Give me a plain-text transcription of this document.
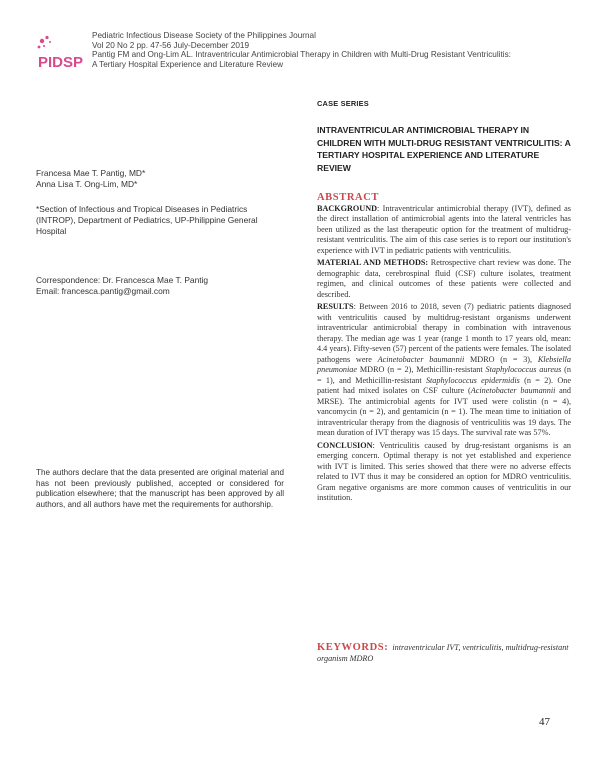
PIDSP
Pediatric Infectious Disease Society of the Philippines Journal
Vol 20 No 2 pp. 47-56 July-December 2019
Pantig FM and Ong-Lim AL. Intraventricular Antimicrobial Therapy in Children with Multi-Drug Resistant Ventriculitis:
A Tertiary Hospital Experience and Literature Review
CASE SERIES
INTRAVENTRICULAR ANTIMICROBIAL THERAPY IN CHILDREN WITH MULTI-DRUG RESISTANT VENTRICULITIS: A TERTIARY HOSPITAL EXPERIENCE AND LITERATURE REVIEW
Francesa Mae T. Pantig, MD*
Anna Lisa T. Ong-Lim, MD*
*Section of Infectious and Tropical Diseases in Pediatrics (INTROP), Department of Pediatrics, UP-Philippine General Hospital
Correspondence: Dr. Francesca Mae T. Pantig
Email: francesca.pantig@gmail.com
The authors declare that the data presented are original material and has not been previously published, accepted or considered for publication elsewhere; that the manuscript has been approved by all authors, and all authors have met the requirements for authorship.
ABSTRACT

BACKGROUND: Intraventricular antimicrobial therapy (IVT), defined as the direct installation of antimicrobial agents into the lateral ventricles has been utilized as the last therapeutic option for the treatment of multidrug-resistant ventriculitis. The aim of this case series is to report our institution's experience with IVT in pediatric patients with ventriculitis.

MATERIAL AND METHODS: Retrospective chart review was done. The demographic data, cerebrospinal fluid (CSF) culture isolates, treatment regimen, and clinical outcomes of these patients were collected and described.

RESULTS: Between 2016 to 2018, seven (7) pediatric patients diagnosed with ventriculitis caused by multidrug-resistant organisms underwent intraventricular antimicrobial therapy in combination with intravenous therapy. The median age was 1 year (range 1 month to 17 years old, mean: 4.4 years). Fifty-seven (57) percent of the patients were females. The isolated pathogens were Acinetobacter baumannii MDRO (n = 3), Klebsiella pneumoniae MDRO (n = 2), Methicillin-resistant Staphylococcus aureus (n = 1), and Methicillin-resistant Staphylococcus epidermidis (n = 2). One patient had mixed isolates on CSF culture (Acinetobacter baumannii and MRSE). The antimicrobial agents for IVT used were colistin (n = 4), vancomycin (n = 2), and gentamicin (n = 1). The mean time to initiation of intraventricular therapy from the diagnosis of ventriculitis was 19 days. The mean duration of IVT therapy was 15 days. The survival rate was 57%.

CONCLUSION: Ventriculitis caused by drug-resistant organisms is an emerging concern. Optimal therapy is not yet established and experience with IVT is limited. This series showed that there were no adverse effects related to IVT thus it may be considered an option for MDRO ventriculitis. Gram negative organisms are more common causes of ventriculitis in our institution.

KEYWORDS: intraventricular IVT, ventriculitis, multidrug-resistant organism MDRO
47
